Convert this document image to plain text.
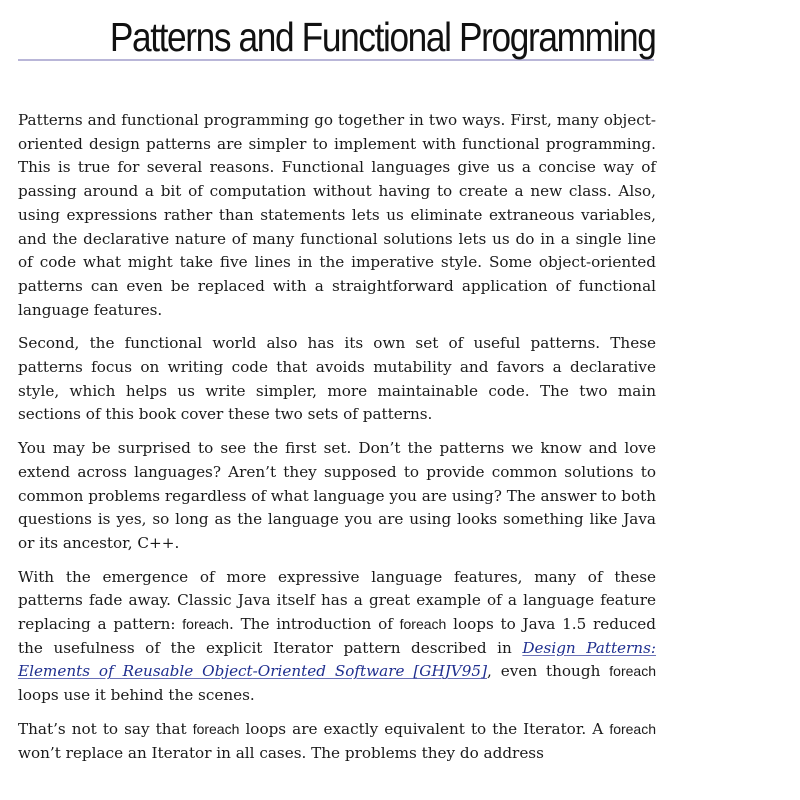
Patterns and Functional Programming

Patterns and functional programming go together in two ways. First, many object-oriented design patterns are simpler to implement with functional programming. This is true for several reasons. Functional languages give us a concise way of passing around a bit of computation without having to create a new class. Also, using expressions rather than statements lets us eliminate extraneous variables, and the declarative nature of many functional solutions lets us do in a single line of code what might take five lines in the imperative style. Some object-oriented patterns can even be replaced with a straightforward application of functional language features.

Second, the functional world also has its own set of useful patterns. These patterns focus on writing code that avoids mutability and favors a declarative style, which helps us write simpler, more maintainable code. The two main sections of this book cover these two sets of patterns.

You may be surprised to see the first set. Don’t the patterns we know and love extend across languages? Aren’t they supposed to provide common solutions to common problems regardless of what language you are using? The answer to both questions is yes, so long as the language you are using looks something like Java or its ancestor, C++.

With the emergence of more expressive language features, many of these patterns fade away. Classic Java itself has a great example of a language feature replacing a pattern: foreach. The introduction of foreach loops to Java 1.5 reduced the usefulness of the explicit Iterator pattern described in Design Patterns: Elements of Reusable Object-Oriented Software [GHJV95], even though foreach loops use it behind the scenes.

That’s not to say that foreach loops are exactly equivalent to the Iterator. A foreach won’t replace an Iterator in all cases. The problems they do address
